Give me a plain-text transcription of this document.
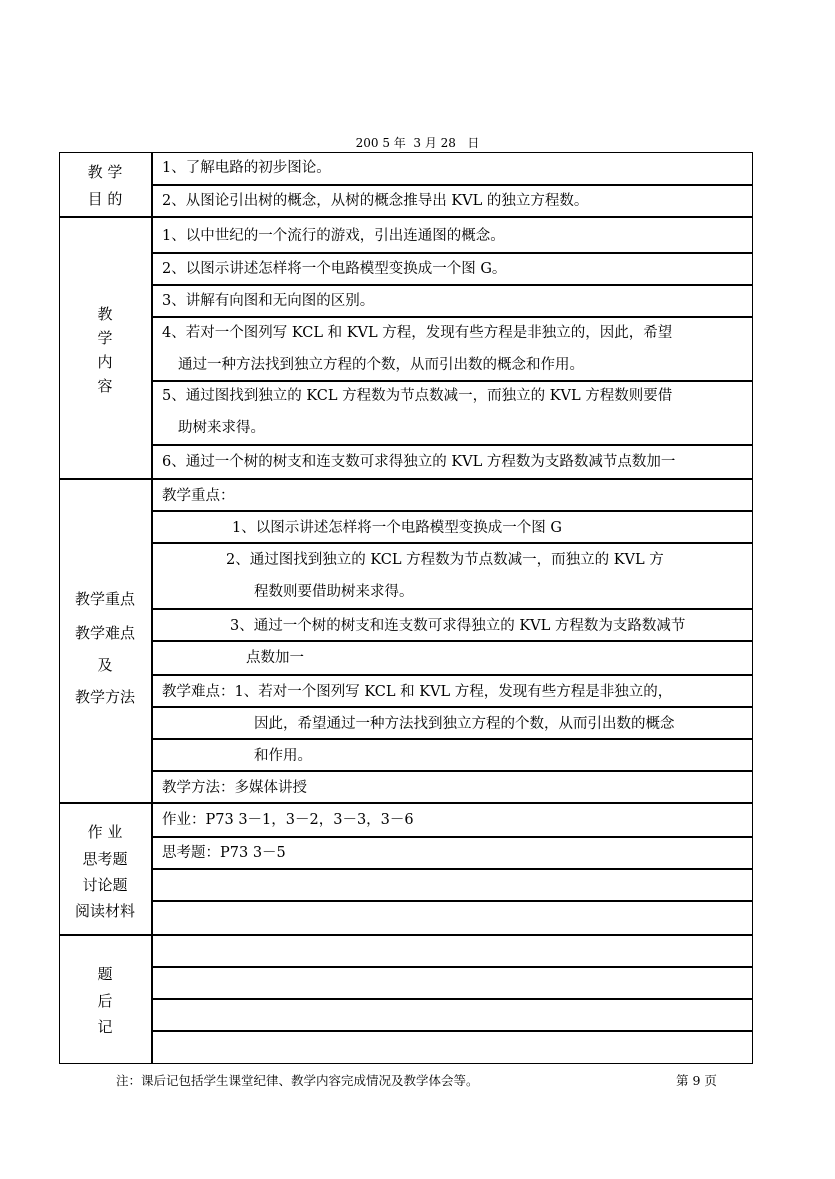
200 5 年  3 月 28   日
教 学
目 的
1、了解电路的初步图论。
2、从图论引出树的概念，从树的概念推导出 KVL 的独立方程数。
教
学
内
容
1、以中世纪的一个流行的游戏，引出连通图的概念。
2、以图示讲述怎样将一个电路模型变换成一个图 G。
3、讲解有向图和无向图的区别。
4、若对一个图列写 KCL 和 KVL 方程，发现有些方程是非独立的，因此，希望
通过一种方法找到独立方程的个数，从而引出数的概念和作用。
5、通过图找到独立的 KCL 方程数为节点数减一，而独立的 KVL 方程数则要借
助树来求得。
6、通过一个树的树支和连支数可求得独立的 KVL 方程数为支路数减节点数加一
教学重点
教学难点
及
教学方法
教学重点：
1、以图示讲述怎样将一个电路模型变换成一个图 G
2、通过图找到独立的 KCL 方程数为节点数减一，而独立的 KVL 方
程数则要借助树来求得。
3、通过一个树的树支和连支数可求得独立的 KVL 方程数为支路数减节
点数加一
教学难点：1、若对一个图列写 KCL 和 KVL 方程，发现有些方程是非独立的，
因此，希望通过一种方法找到独立方程的个数，从而引出数的概念
和作用。
教学方法：多媒体讲授
作 业
思考题
讨论题
阅读材料
作业：P73 3－1，3－2，3－3，3－6
思考题：P73 3－5
题
后
记
注：课后记包括学生课堂纪律、教学内容完成情况及教学体会等。	第 9 页
